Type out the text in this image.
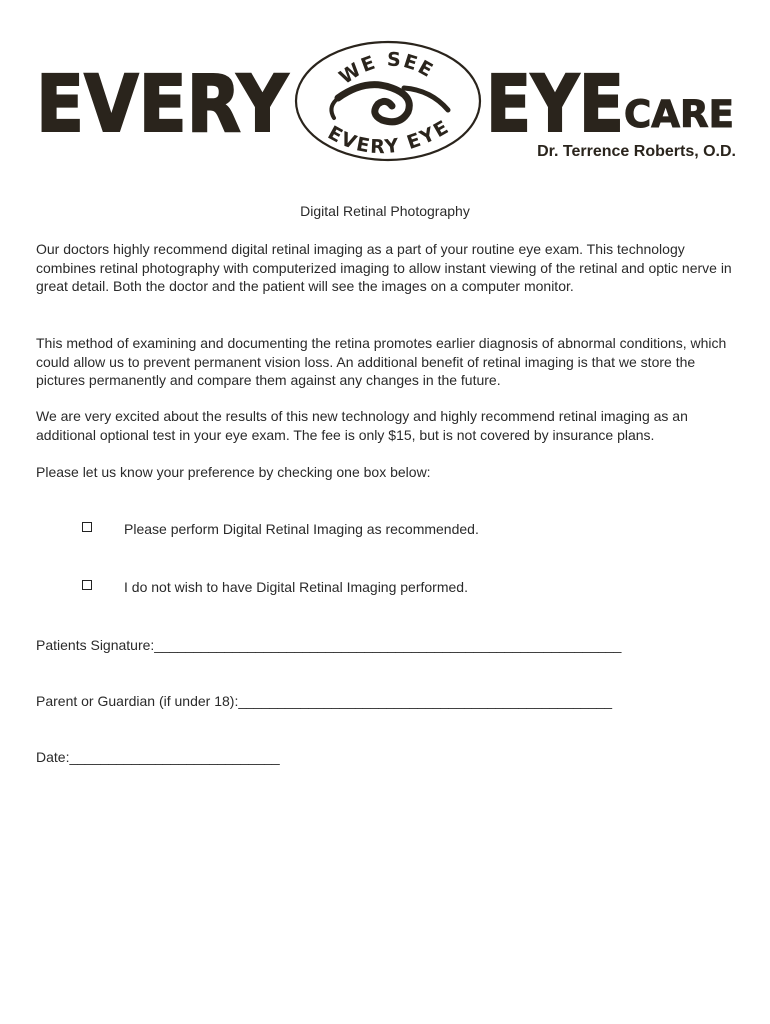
EVERY WE SEE
EVERY EYE EYE CARE
Dr. Terrence Roberts, O.D.
Digital Retinal Photography

Our doctors highly recommend digital retinal imaging as a part of your routine eye exam. This technology combines retinal photography with computerized imaging to allow instant viewing of the retinal and optic nerve in great detail. Both the doctor and the patient will see the images on a computer monitor.

This method of examining and documenting the retina promotes earlier diagnosis of abnormal conditions, which could allow us to prevent permanent vision loss. An additional benefit of retinal imaging is that we store the pictures permanently and compare them against any changes in the future.

We are very excited about the results of this new technology and highly recommend retinal imaging as an additional optional test in your eye exam. The fee is only $15, but is not covered by insurance plans.

Please let us know your preference by checking one box below:

Please perform Digital Retinal Imaging as recommended.
I do not wish to have Digital Retinal Imaging performed.
Patients Signature:____________________________________________________________
Parent or Guardian (if under 18):________________________________________________
Date:___________________________
